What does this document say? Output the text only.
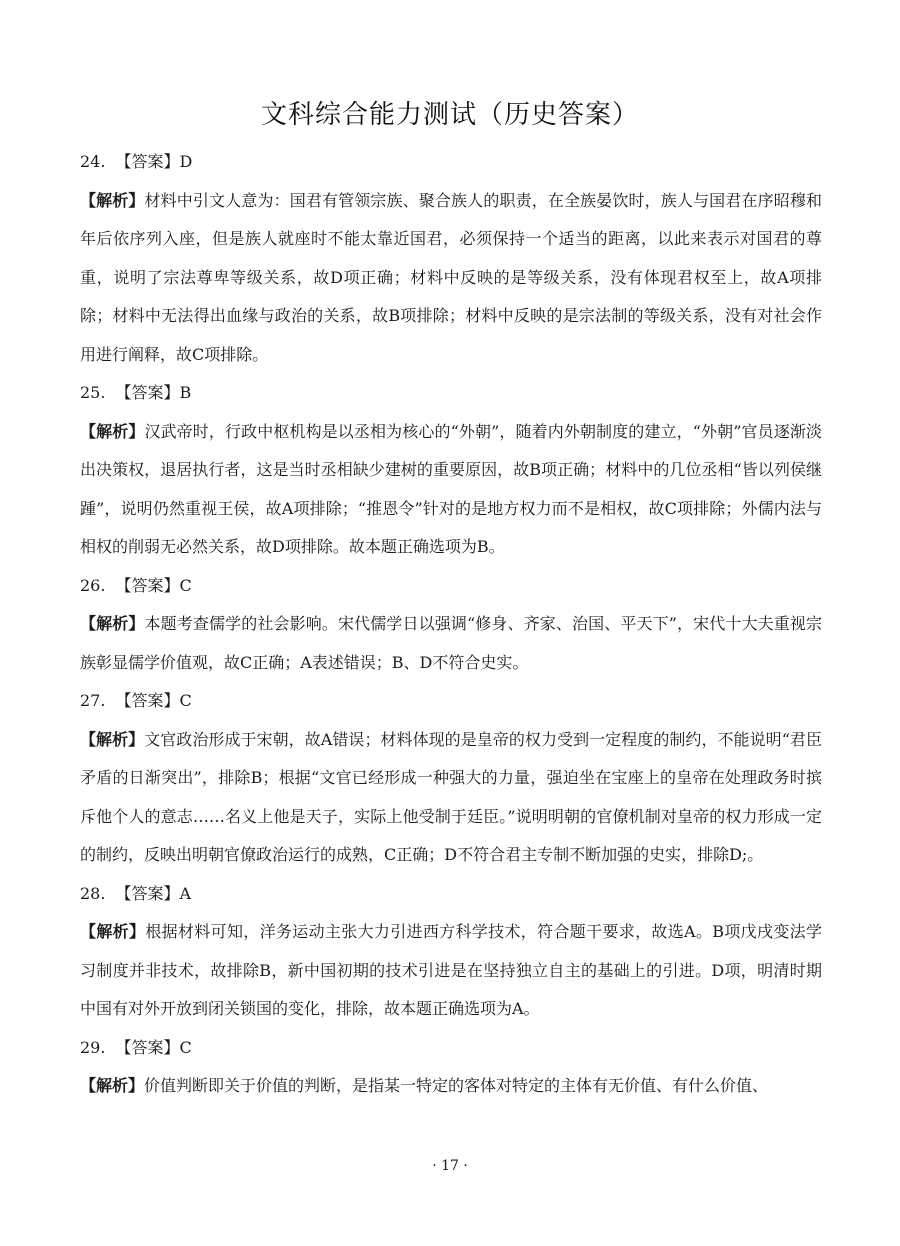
文科综合能力测试（历史答案）
24. 【答案】D
【解析】材料中引文人意为：国君有管领宗族、聚合族人的职责，在全族晏饮时，族人与国君在序昭穆和年后依序列入座，但是族人就座时不能太靠近国君，必须保持一个适当的距离，以此来表示对国君的尊重，说明了宗法尊卑等级关系，故D项正确；材料中反映的是等级关系，没有体现君权至上，故A项排除；材料中无法得出血缘与政治的关系，故B项排除；材料中反映的是宗法制的等级关系，没有对社会作用进行阐释，故C项排除。
25. 【答案】B
【解析】汉武帝时，行政中枢机构是以丞相为核心的“外朝”，随着内外朝制度的建立，“外朝”官员逐渐淡出决策权，退居执行者，这是当时丞相缺少建树的重要原因，故B项正确；材料中的几位丞相“皆以列侯继踵”，说明仍然重视王侯，故A项排除；“推恩令”针对的是地方权力而不是相权，故C项排除；外儒内法与相权的削弱无必然关系，故D项排除。故本题正确选项为B。
26. 【答案】C
【解析】本题考查儒学的社会影响。宋代儒学日以强调“修身、齐家、治国、平天下”，宋代十大夫重视宗族彰显儒学价值观，故C正确；A表述错误；B、D不符合史实。
27. 【答案】C
【解析】文官政治形成于宋朝，故A错误；材料体现的是皇帝的权力受到一定程度的制约，不能说明“君臣矛盾的日渐突出”，排除B；根据“文官已经形成一种强大的力量，强迫坐在宝座上的皇帝在处理政务时摈斥他个人的意志……名义上他是天子，实际上他受制于廷臣。”说明明朝的官僚机制对皇帝的权力形成一定的制约，反映出明朝官僚政治运行的成熟，C正确；D不符合君主专制不断加强的史实，排除D;。
28. 【答案】A
【解析】根据材料可知，洋务运动主张大力引进西方科学技术，符合题干要求，故选A。B项戊戌变法学习制度并非技术，故排除B，新中国初期的技术引进是在坚持独立自主的基础上的引进。D项，明清时期中国有对外开放到闭关锁国的变化，排除，故本题正确选项为A。
29. 【答案】C
【解析】价值判断即关于价值的判断，是指某一特定的客体对特定的主体有无价值、有什么价值、
· 17 ·
